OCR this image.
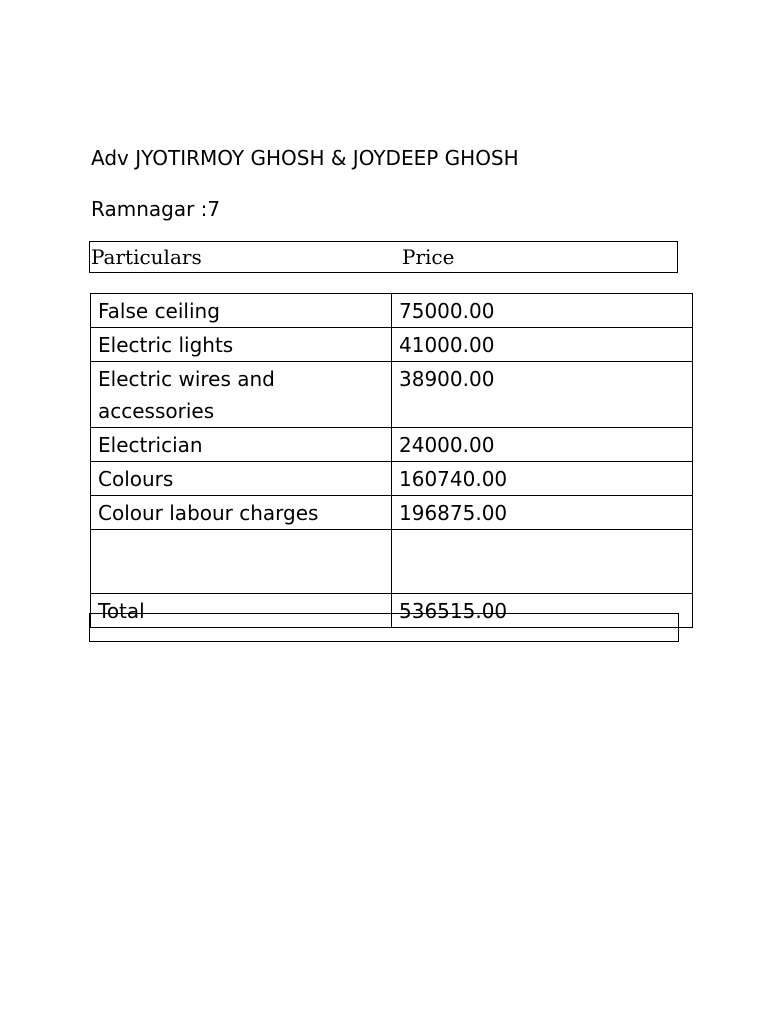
Adv JYOTIRMOY GHOSH & JOYDEEP GHOSH
Ramnagar :7
Particulars	Price
False ceiling	75000.00
Electric lights	41000.00
Electric wires and accessories	38900.00
Electrician	24000.00
Colours	160740.00
Colour labour charges	196875.00

Total	536515.00
